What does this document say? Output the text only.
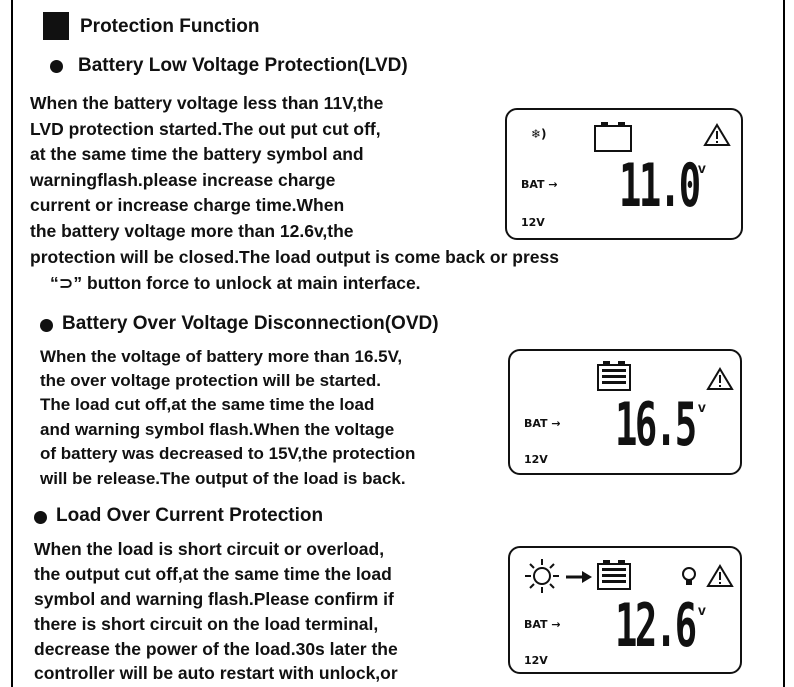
Protection Function
Battery Low Voltage Protection(LVD)
When the battery voltage less than 11V,the
LVD protection started.The out put cut off,
at the same time the battery symbol and
warningflash.please increase charge
current or increase charge time.When
the battery voltage more than 12.6v,the
protection will be closed.The load output is come back or press
“⊃” button force to unlock at main interface.
❄)
BAT → 11.0 v
12V
Battery Over Voltage Disconnection(OVD)
When the voltage of battery more than 16.5V,
the over voltage protection will be started.
The load cut off,at the same time the load
and warning symbol flash.When the voltage
of battery was decreased to 15V,the protection
will be release.The output of the load is back.
BAT → 16.5 v
12V
Load Over Current Protection
When the load is short circuit or overload,
the output cut off,at the same time the load
symbol and warning flash.Please confirm if
there is short circuit on the load terminal,
decrease the power of the load.30s later the
controller will be auto restart with unlock,or
BAT → 12.6 v
12V
